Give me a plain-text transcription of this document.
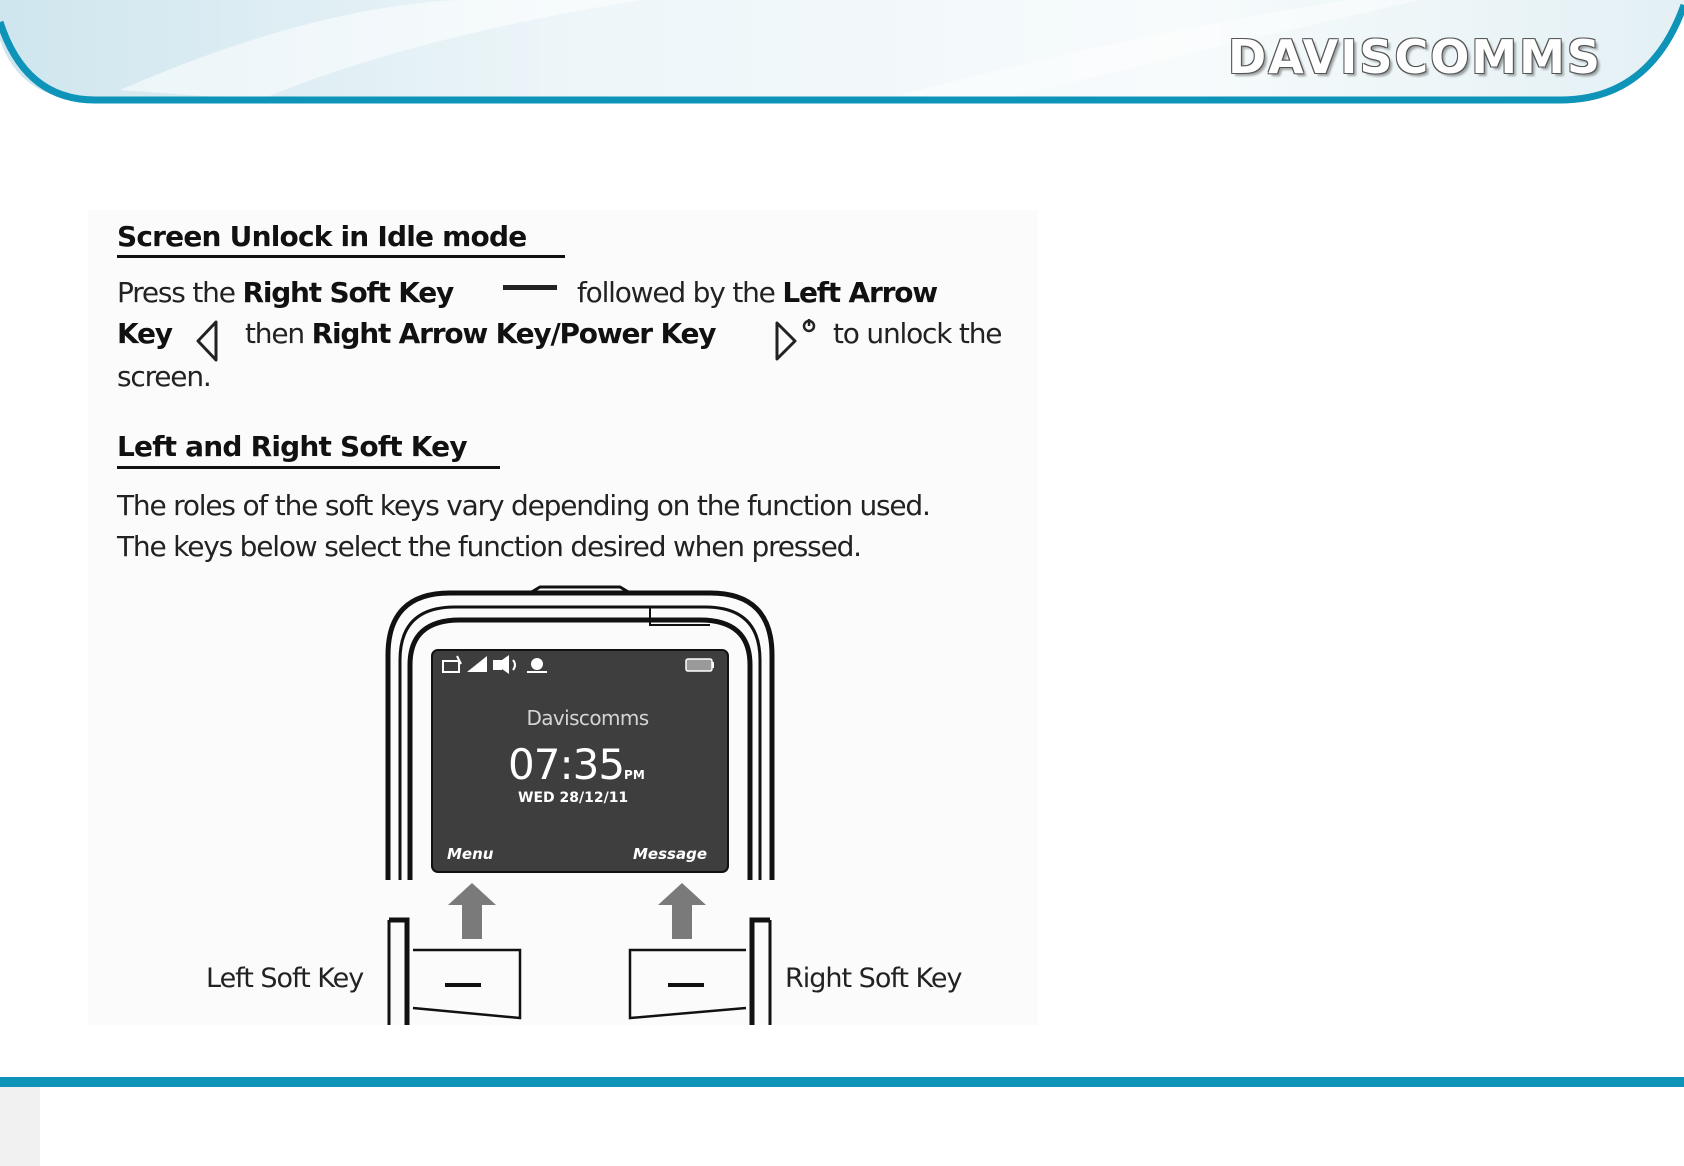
DAVISCOMMS
Screen Unlock in Idle mode
Press the Right Soft Key	followed by the Left Arrow
Key	then Right Arrow Key/Power Key	to unlock the
screen.
Left and Right Soft Key
The roles of the soft keys vary depending on the function used.
The keys below select the function desired when pressed.
Daviscomms
07:35PM
WED 28/12/11
Menu	Message
Left Soft Key	Right Soft Key
